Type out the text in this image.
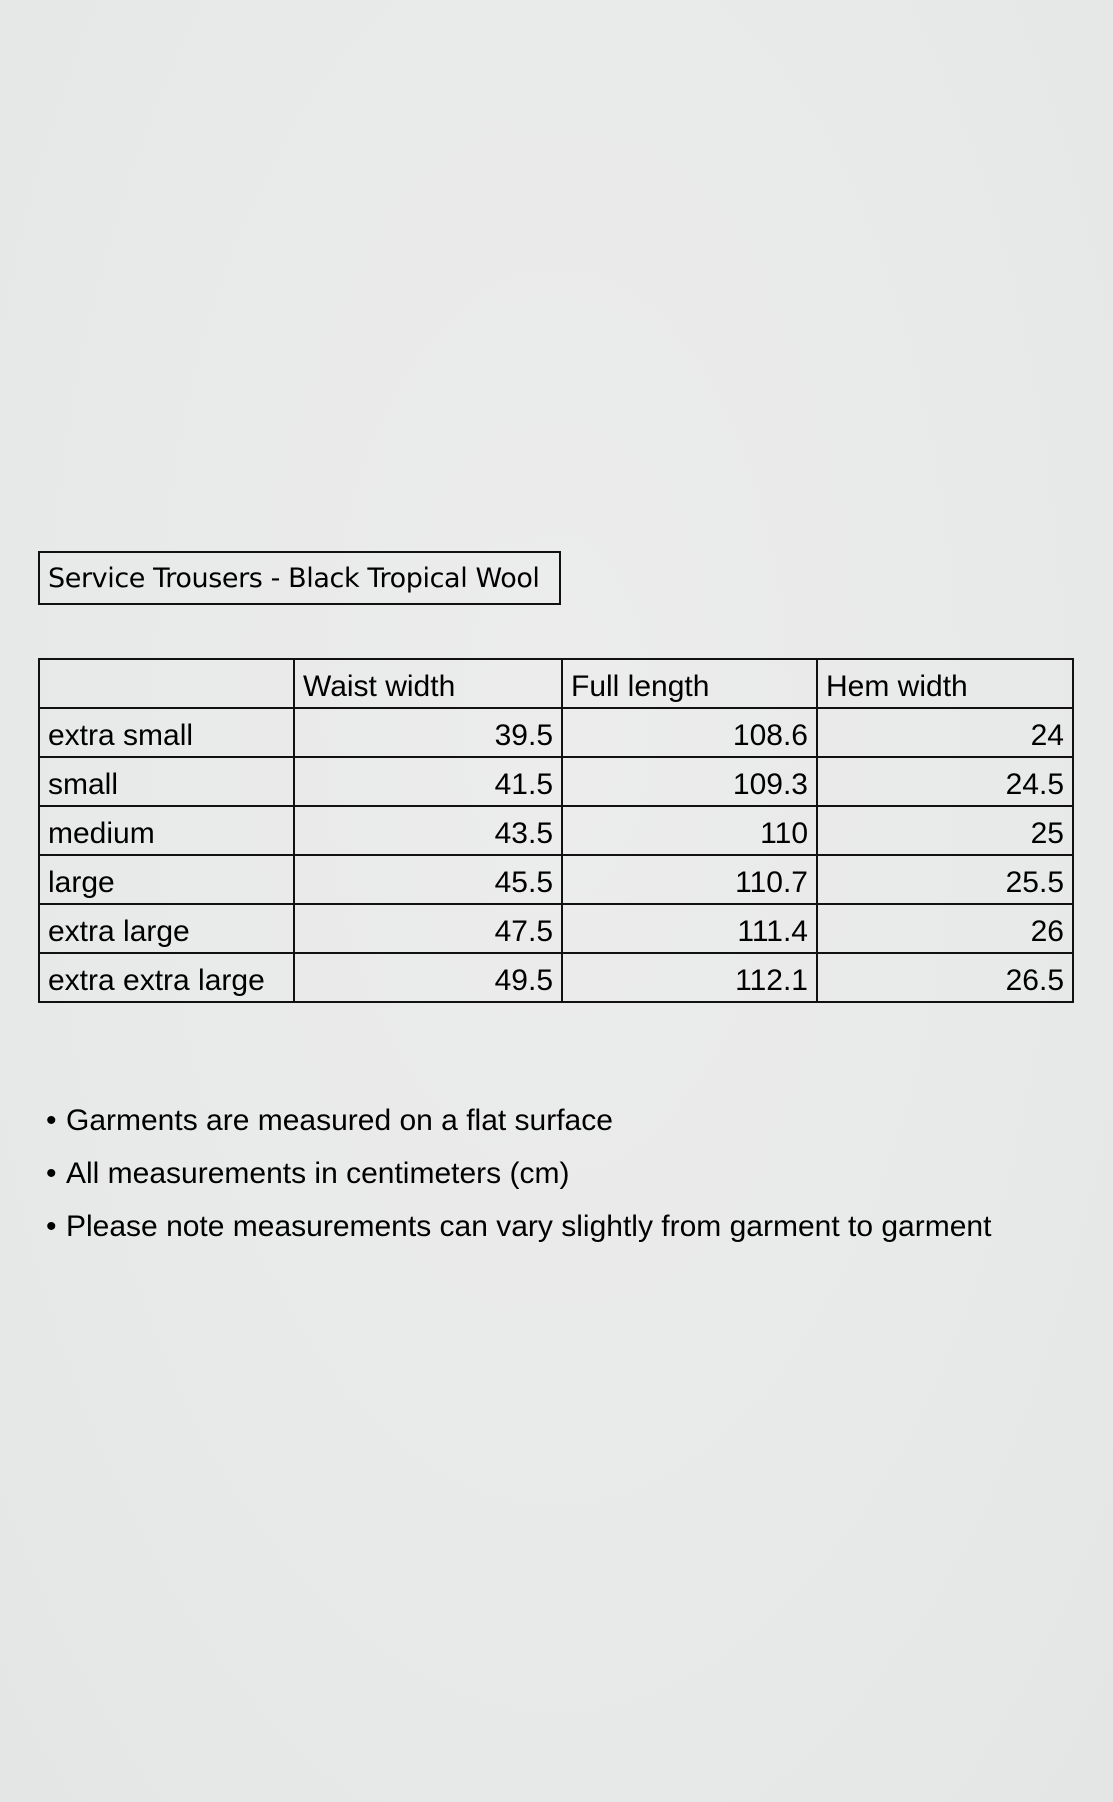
Service Trousers - Black Tropical Wool
	Waist width	Full length	Hem width
extra small	39.5	108.6	24
small	41.5	109.3	24.5
medium	43.5	110	25
large	45.5	110.7	25.5
extra large	47.5	111.4	26
extra extra large	49.5	112.1	26.5
• Garments are measured on a flat surface
• All measurements in centimeters (cm)
• Please note measurements can vary slightly from garment to garment
